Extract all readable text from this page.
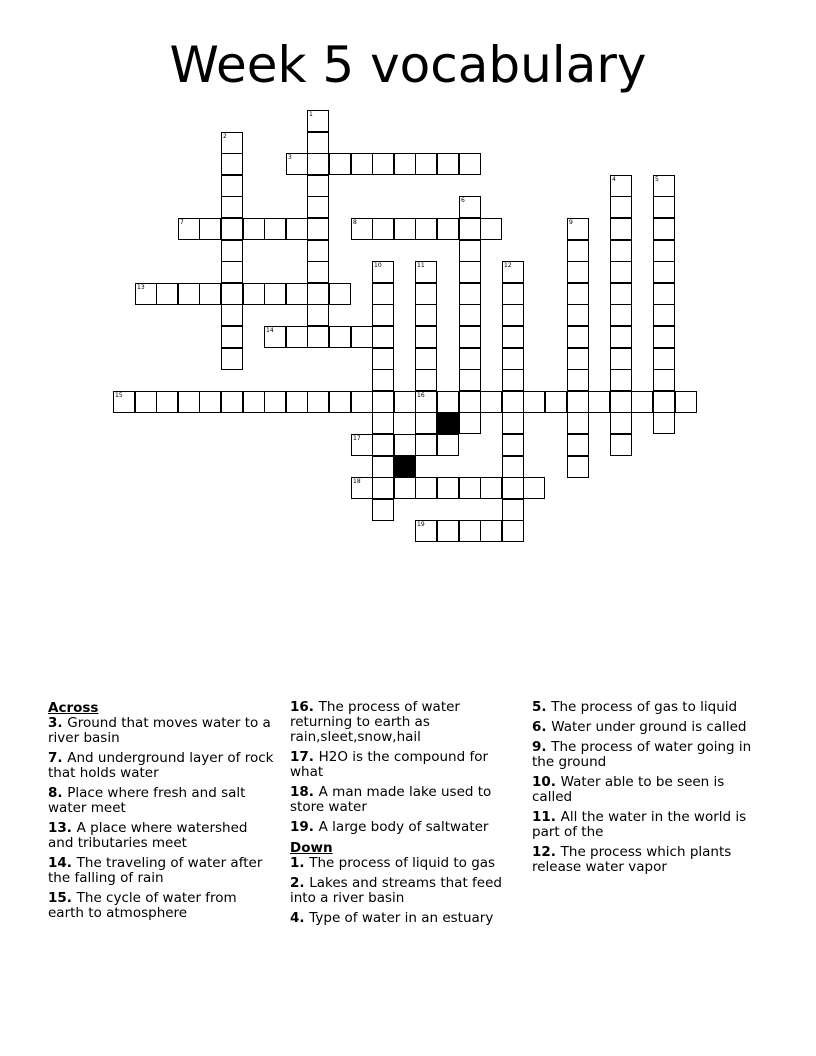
Week 5 vocabulary
1
2
3
4	5
6
7	8	9
10	11
16
12
13
14
15
17
18
19
Across
3. Ground that moves water to a river basin
7. And underground layer of rock that holds water
8. Place where fresh and salt water meet
13. A place where watershed and tributaries meet
14. The traveling of water after the falling of rain
15. The cycle of water from earth to atmosphere
16. The process of water returning to earth as rain,sleet,snow,hail
17. H2O is the compound for what
18. A man made lake used to store water
19. A large body of saltwater
Down
1. The process of liquid to gas
2. Lakes and streams that feed into a river basin
4. Type of water in an estuary
5. The process of gas to liquid
6. Water under ground is called
9. The process of water going in the ground
10. Water able to be seen is called
11. All the water in the world is part of the
12. The process which plants release water vapor
